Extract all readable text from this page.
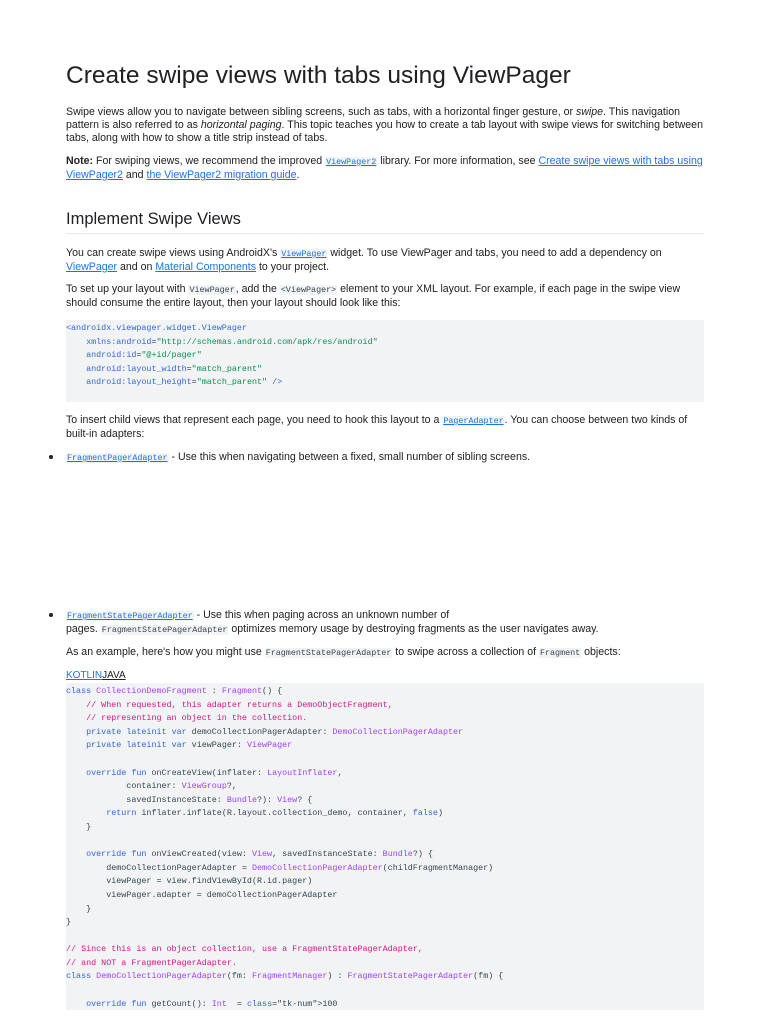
Create swipe views with tabs using ViewPager

Swipe views allow you to navigate between sibling screens, such as tabs, with a horizontal finger gesture, or swipe. This navigation pattern is also referred to as horizontal paging. This topic teaches you how to create a tab layout with swipe views for switching between tabs, along with how to show a title strip instead of tabs.

Note: For swiping views, we recommend the improved ViewPager2 library. For more information, see Create swipe views with tabs using ViewPager2 and the ViewPager2 migration guide.

Implement Swipe Views

You can create swipe views using AndroidX's ViewPager widget. To use ViewPager and tabs, you need to add a dependency on ViewPager and on Material Components to your project.

To set up your layout with ViewPager, add the <ViewPager> element to your XML layout. For example, if each page in the swipe view should consume the entire layout, then your layout should look like this:

<androidx.viewpager.widget.ViewPager
xmlns:android="http://schemas.android.com/apk/res/android"
android:id="@+id/pager"
android:layout_width="match_parent"
android:layout_height="match_parent" />

To insert child views that represent each page, you need to hook this layout to a PagerAdapter. You can choose between two kinds of built-in adapters:

FragmentPagerAdapter - Use this when navigating between a fixed, small number of sibling screens.

FragmentStatePagerAdapter - Use this when paging across an unknown number of
pages. FragmentStatePagerAdapter optimizes memory usage by destroying fragments as the user navigates away.

As an example, here's how you might use FragmentStatePagerAdapter to swipe across a collection of Fragment objects:

KOTLINJAVA
class CollectionDemoFragment : Fragment() {
// When requested, this adapter returns a DemoObjectFragment,
// representing an object in the collection.
private lateinit var demoCollectionPagerAdapter: DemoCollectionPagerAdapter
private lateinit var viewPager: ViewPager
override fun onCreateView(inflater: LayoutInflater,
container: ViewGroup?,
savedInstanceState: Bundle?): View? {
return inflater.inflate(R.layout.collection_demo, container, false)
}
override fun onViewCreated(view: View, savedInstanceState: Bundle?) {
demoCollectionPagerAdapter = DemoCollectionPagerAdapter(childFragmentManager)
viewPager = view.findViewById(R.id.pager)
viewPager.adapter = demoCollectionPagerAdapter
}
}
// Since this is an object collection, use a FragmentStatePagerAdapter,
// and NOT a FragmentPagerAdapter.
class DemoCollectionPagerAdapter(fm: FragmentManager) : FragmentStatePagerAdapter(fm) {
override fun getCount(): Int  = class="tk-num">100
